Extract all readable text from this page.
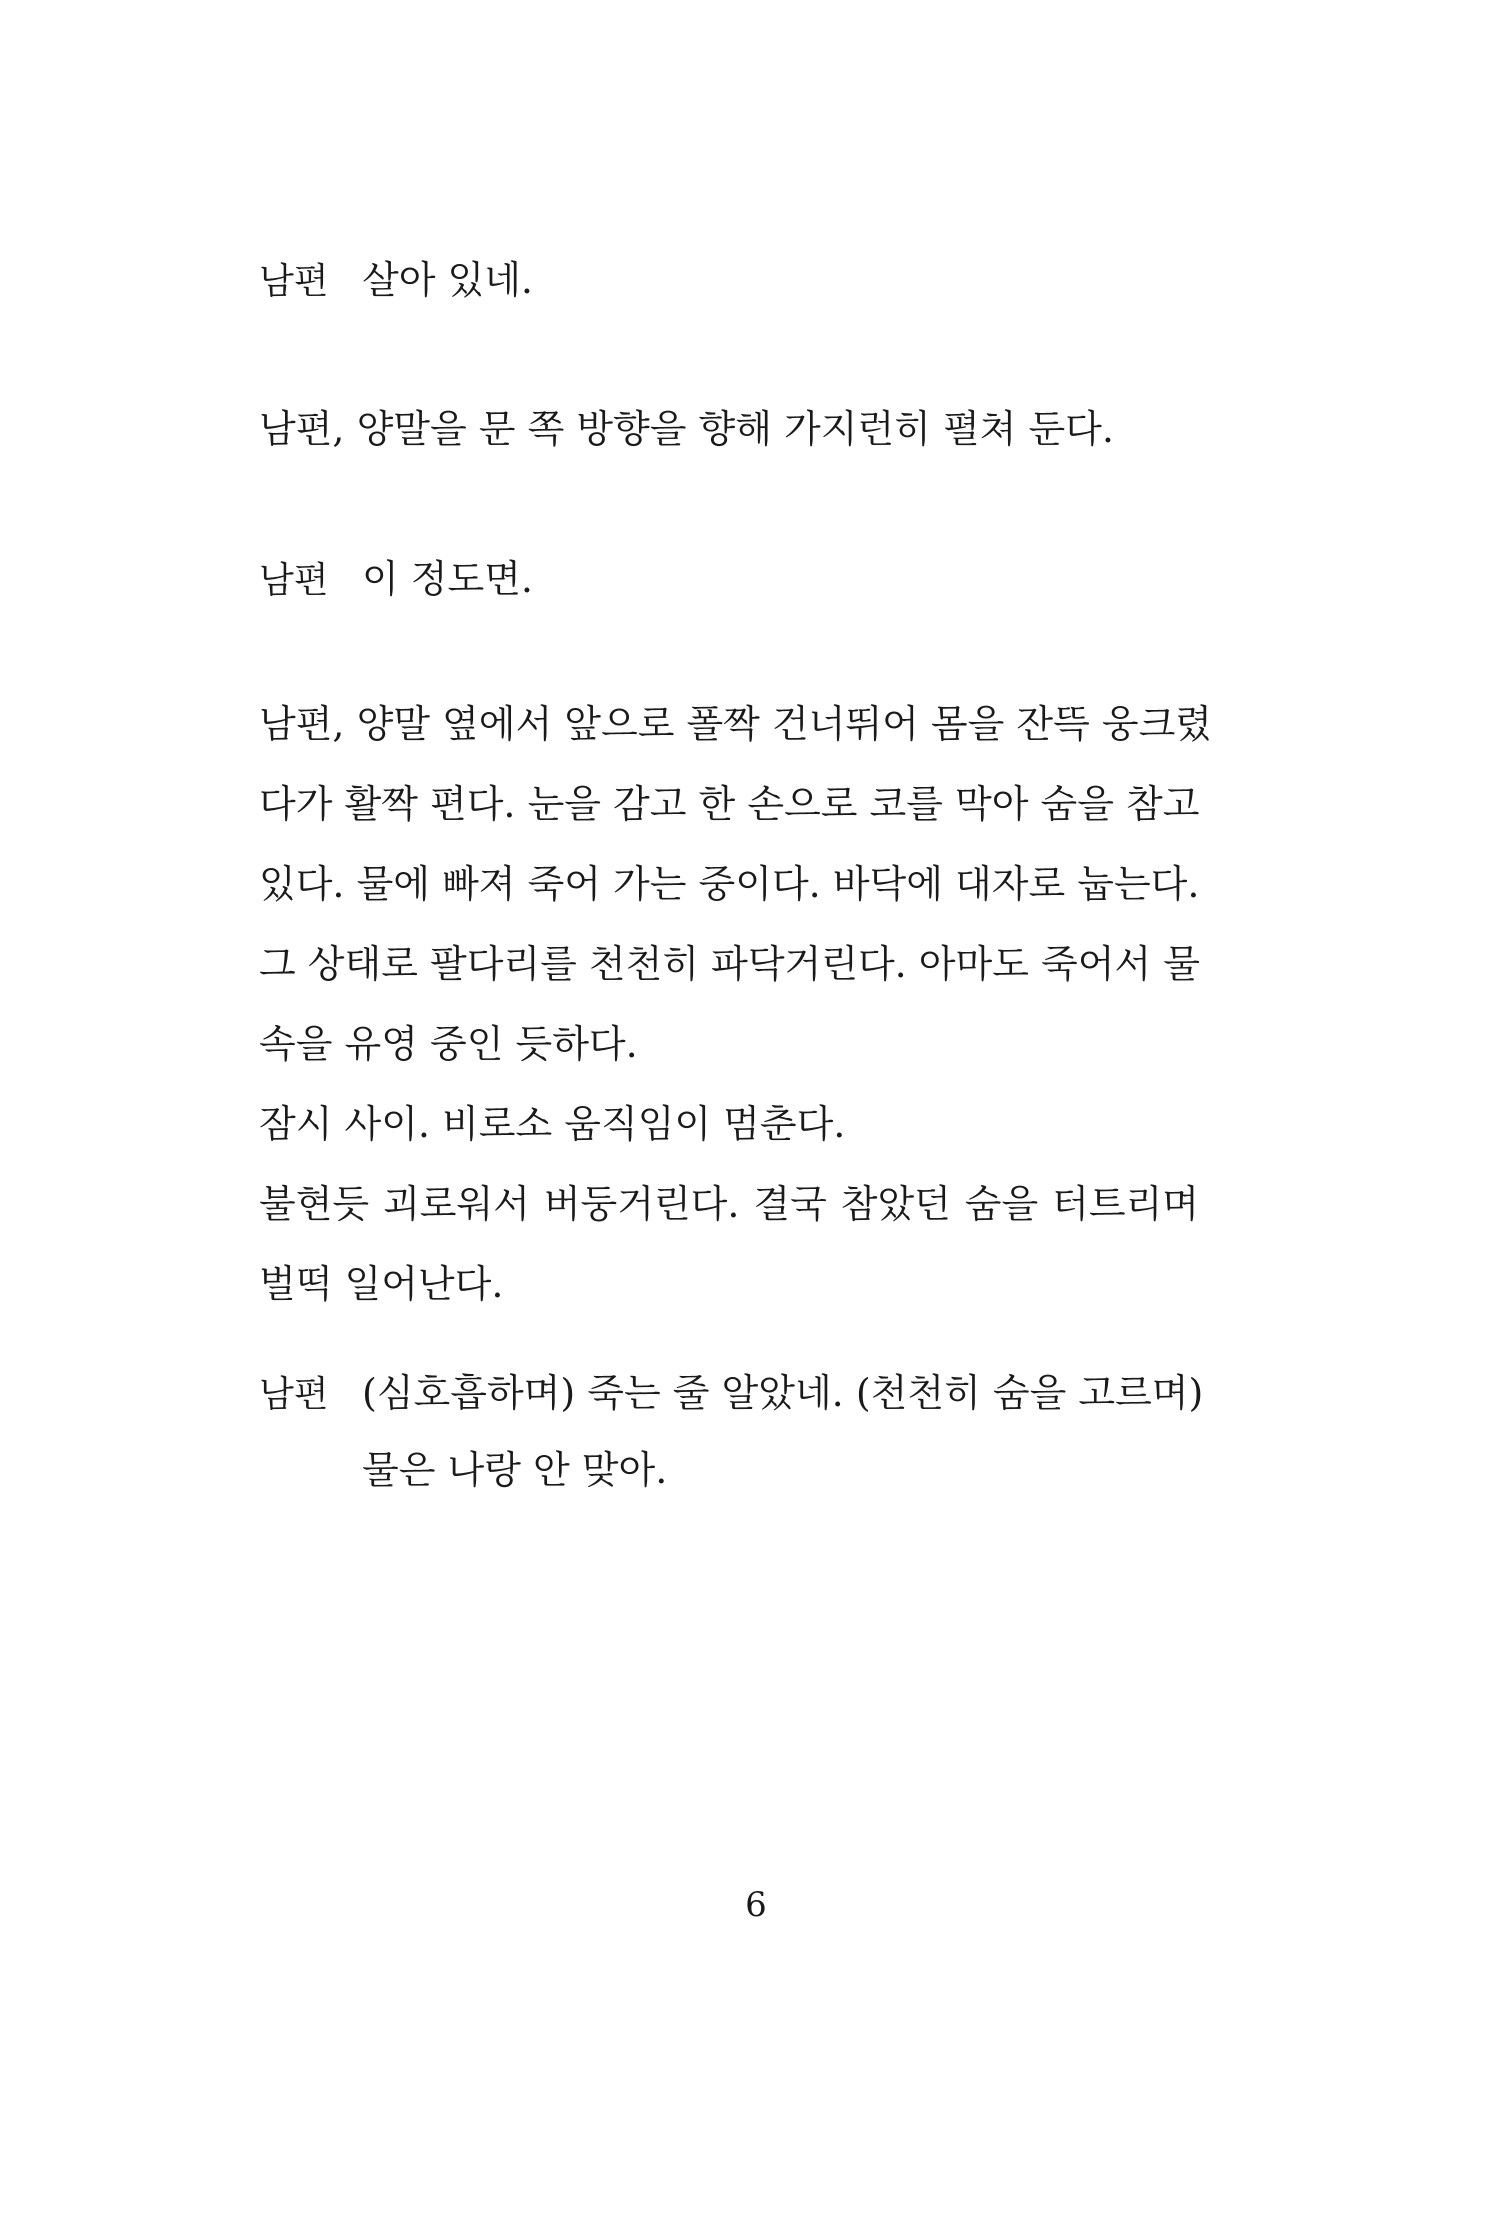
남편 살아 있네.
남편, 양말을 문 쪽 방향을 향해 가지런히 펼쳐 둔다.
남편 이 정도면.
남편, 양말 옆에서 앞으로 폴짝 건너뛰어 몸을 잔뜩 웅크렸
다가 활짝 편다. 눈을 감고 한 손으로 코를 막아 숨을 참고
있다. 물에 빠져 죽어 가는 중이다. 바닥에 대자로 눕는다.
그 상태로 팔다리를 천천히 파닥거린다. 아마도 죽어서 물
속을 유영 중인 듯하다.
잠시 사이. 비로소 움직임이 멈춘다.
불현듯 괴로워서 버둥거린다. 결국 참았던 숨을 터트리며
벌떡 일어난다.
남편 (심호흡하며) 죽는 줄 알았네. (천천히 숨을 고르며)
물은 나랑 안 맞아.
6
